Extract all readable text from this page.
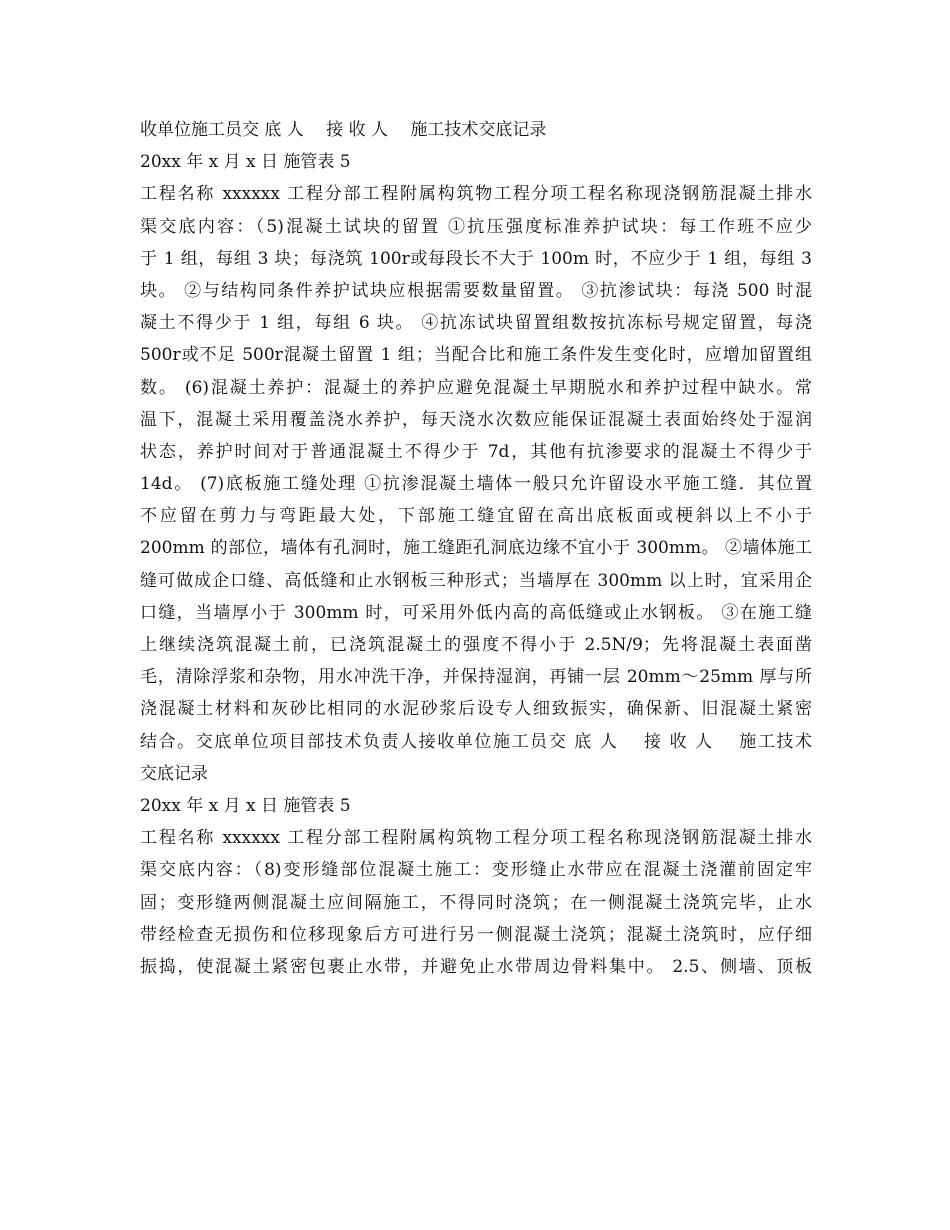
收单位施工员交 底 人　 接 收 人　 施工技术交底记录
20xx 年 x 月 x 日 施管表 5
工程名称 xxxxxx 工程分部工程附属构筑物工程分项工程名称现浇钢筋混凝土排水
渠交底内容：（5)混凝土试块的留置 ①抗压强度标准养护试块：每工作班不应少
于 1 组，每组 3 块；每浇筑 100r或每段长不大于 100m 时，不应少于 1 组，每组 3
块。 ②与结构同条件养护试块应根据需要数量留置。 ③抗渗试块：每浇 500 时混
凝土不得少于 1 组，每组 6 块。 ④抗冻试块留置组数按抗冻标号规定留置，每浇
500r或不足 500r混凝土留置 1 组；当配合比和施工条件发生变化时，应增加留置组
数。 (6)混凝土养护：混凝土的养护应避免混凝土早期脱水和养护过程中缺水。常
温下，混凝土采用覆盖浇水养护，每天浇水次数应能保证混凝土表面始终处于湿润
状态，养护时间对于普通混凝土不得少于 7d，其他有抗渗要求的混凝土不得少于
14d。 (7)底板施工缝处理 ①抗渗混凝土墙体一般只允许留设水平施工缝．其位置
不应留在剪力与弯距最大处，下部施工缝宜留在高出底板面或梗斜以上不小于
200mm 的部位，墙体有孔洞时，施工缝距孔洞底边缘不宜小于 300mm。 ②墙体施工
缝可做成企口缝、高低缝和止水钢板三种形式；当墙厚在 300mm 以上时，宜采用企
口缝，当墙厚小于 300mm 时，可采用外低内高的高低缝或止水钢板。 ③在施工缝
上继续浇筑混凝土前，已浇筑混凝土的强度不得小于 2.5N/9；先将混凝土表面凿
毛，清除浮浆和杂物，用水冲洗干净，并保持湿润，再铺一层 20mm～25mm 厚与所
浇混凝土材料和灰砂比相同的水泥砂浆后设专人细致振实，确保新、旧混凝土紧密
结合。交底单位项目部技术负责人接收单位施工员交 底 人　 接 收 人　 施工技术
交底记录
20xx 年 x 月 x 日 施管表 5
工程名称 xxxxxx 工程分部工程附属构筑物工程分项工程名称现浇钢筋混凝土排水
渠交底内容：（8)变形缝部位混凝土施工：变形缝止水带应在混凝土浇灌前固定牢
固；变形缝两侧混凝土应间隔施工，不得同时浇筑；在一侧混凝土浇筑完毕，止水
带经检查无损伤和位移现象后方可进行另一侧混凝土浇筑；混凝土浇筑时，应仔细
振捣，使混凝土紧密包裹止水带，并避免止水带周边骨料集中。 2.5、侧墙、顶板
